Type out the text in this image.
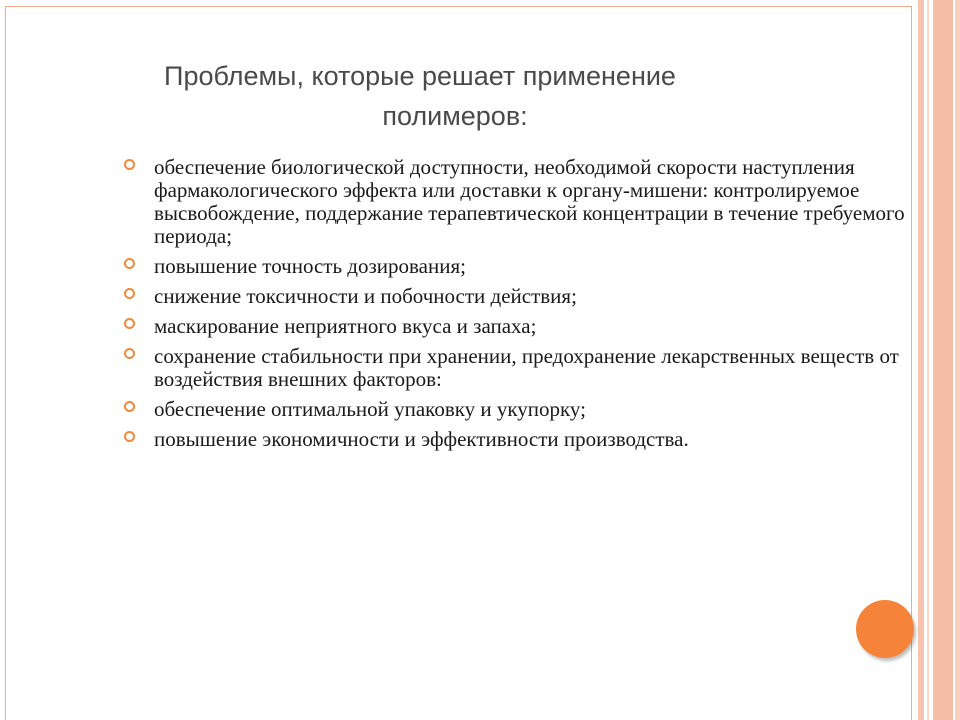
Проблемы, которые решает применение
полимеров:
обеспечение биологической доступности, необходимой скорости наступления фармакологического эффекта или доставки к органу-мишени: контролируемое высвобождение, поддержание терапевтической концентрации в течение требуемого периода;
повышение точность дозирования;
снижение токсичности и побочности действия;
маскирование неприятного вкуса и запаха;
сохранение стабильности при хранении, предохранение лекарственных веществ от воздействия внешних факторов:
обеспечение оптимальной упаковку и укупорку;
повышение экономичности и эффективности производства.
